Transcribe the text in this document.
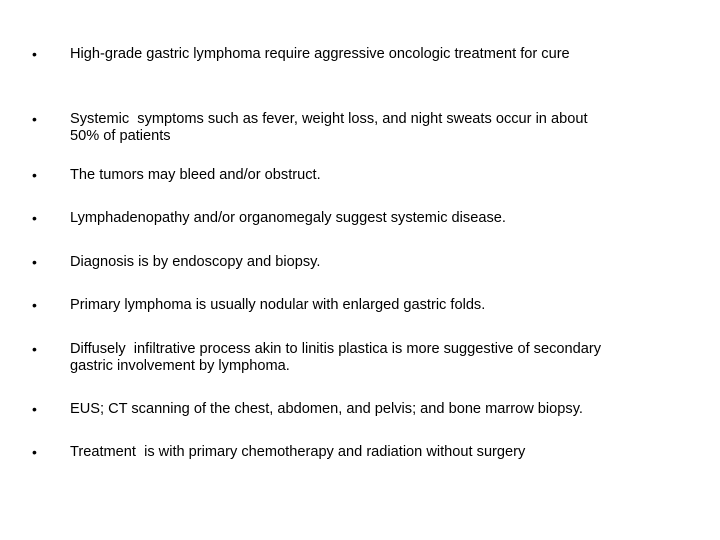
• High-grade gastric lymphoma require aggressive oncologic treatment for cure
• Systemic  symptoms such as fever, weight loss, and night sweats occur in about
50% of patients
• The tumors may bleed and/or obstruct.
• Lymphadenopathy and/or organomegaly suggest systemic disease.
• Diagnosis is by endoscopy and biopsy.
• Primary lymphoma is usually nodular with enlarged gastric folds.
• Diffusely  infiltrative process akin to linitis plastica is more suggestive of secondary
gastric involvement by lymphoma.
• EUS; CT scanning of the chest, abdomen, and pelvis; and bone marrow biopsy.
• Treatment  is with primary chemotherapy and radiation without surgery
